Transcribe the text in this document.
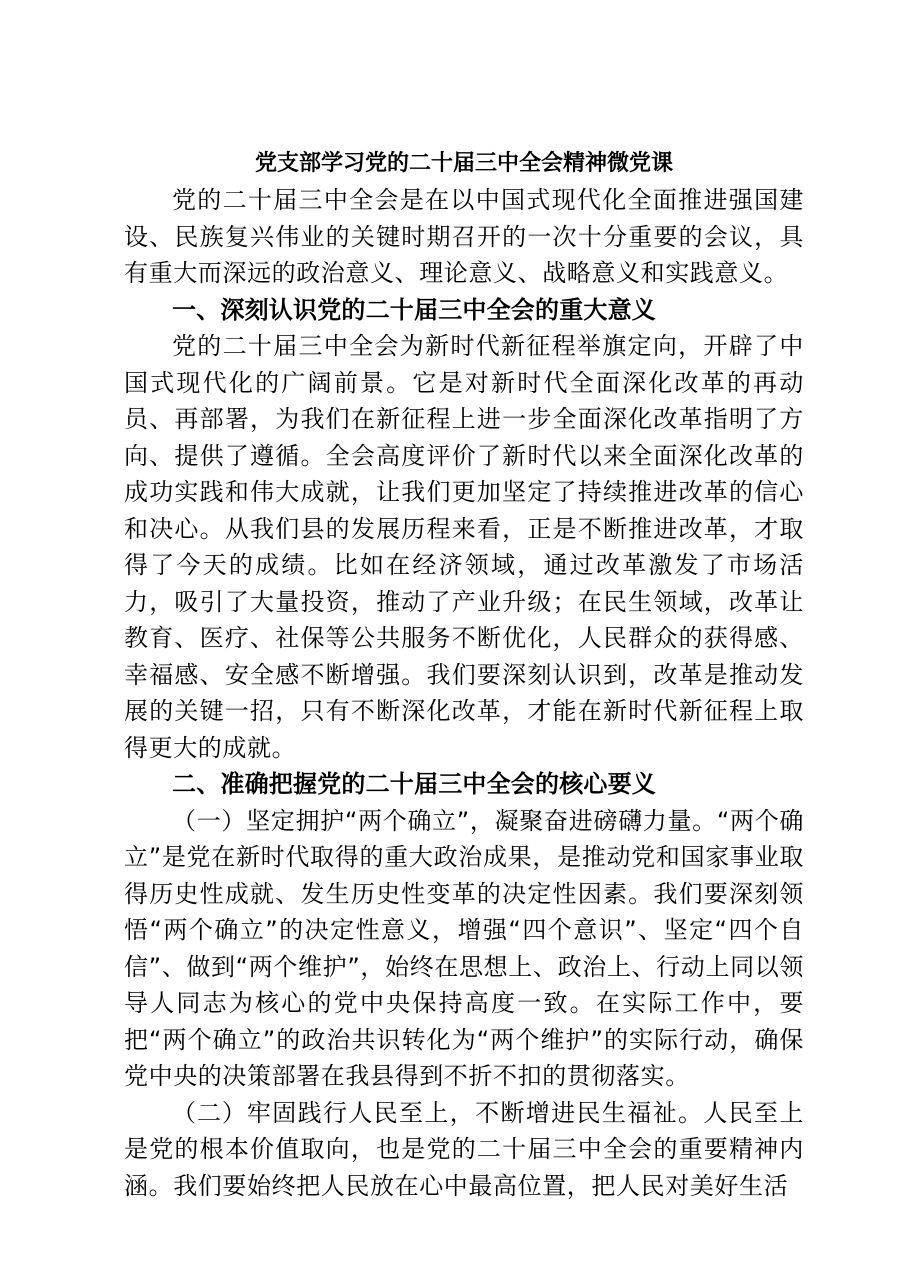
党支部学习党的二十届三中全会精神微党课

党的二十届三中全会是在以中国式现代化全面推进强国建设、民族复兴伟业的关键时期召开的一次十分重要的会议，具有重大而深远的政治意义、理论意义、战略意义和实践意义。

一、深刻认识党的二十届三中全会的重大意义

党的二十届三中全会为新时代新征程举旗定向，开辟了中国式现代化的广阔前景。它是对新时代全面深化改革的再动员、再部署，为我们在新征程上进一步全面深化改革指明了方向、提供了遵循。全会高度评价了新时代以来全面深化改革的成功实践和伟大成就，让我们更加坚定了持续推进改革的信心和决心。从我们县的发展历程来看，正是不断推进改革，才取得了今天的成绩。比如在经济领域，通过改革激发了市场活力，吸引了大量投资，推动了产业升级；在民生领域，改革让教育、医疗、社保等公共服务不断优化，人民群众的获得感、幸福感、安全感不断增强。我们要深刻认识到，改革是推动发展的关键一招，只有不断深化改革，才能在新时代新征程上取得更大的成就。

二、准确把握党的二十届三中全会的核心要义

（一）坚定拥护“两个确立”，凝聚奋进磅礴力量。“两个确立”是党在新时代取得的重大政治成果，是推动党和国家事业取得历史性成就、发生历史性变革的决定性因素。我们要深刻领悟“两个确立”的决定性意义，增强“四个意识”、坚定“四个自信”、做到“两个维护”，始终在思想上、政治上、行动上同以领导人同志为核心的党中央保持高度一致。在实际工作中，要把“两个确立”的政治共识转化为“两个维护”的实际行动，确保党中央的决策部署在我县得到不折不扣的贯彻落实。

（二）牢固践行人民至上，不断增进民生福祉。人民至上是党的根本价值取向，也是党的二十届三中全会的重要精神内涵。我们要始终把人民放在心中最高位置，把人民对美好生活
